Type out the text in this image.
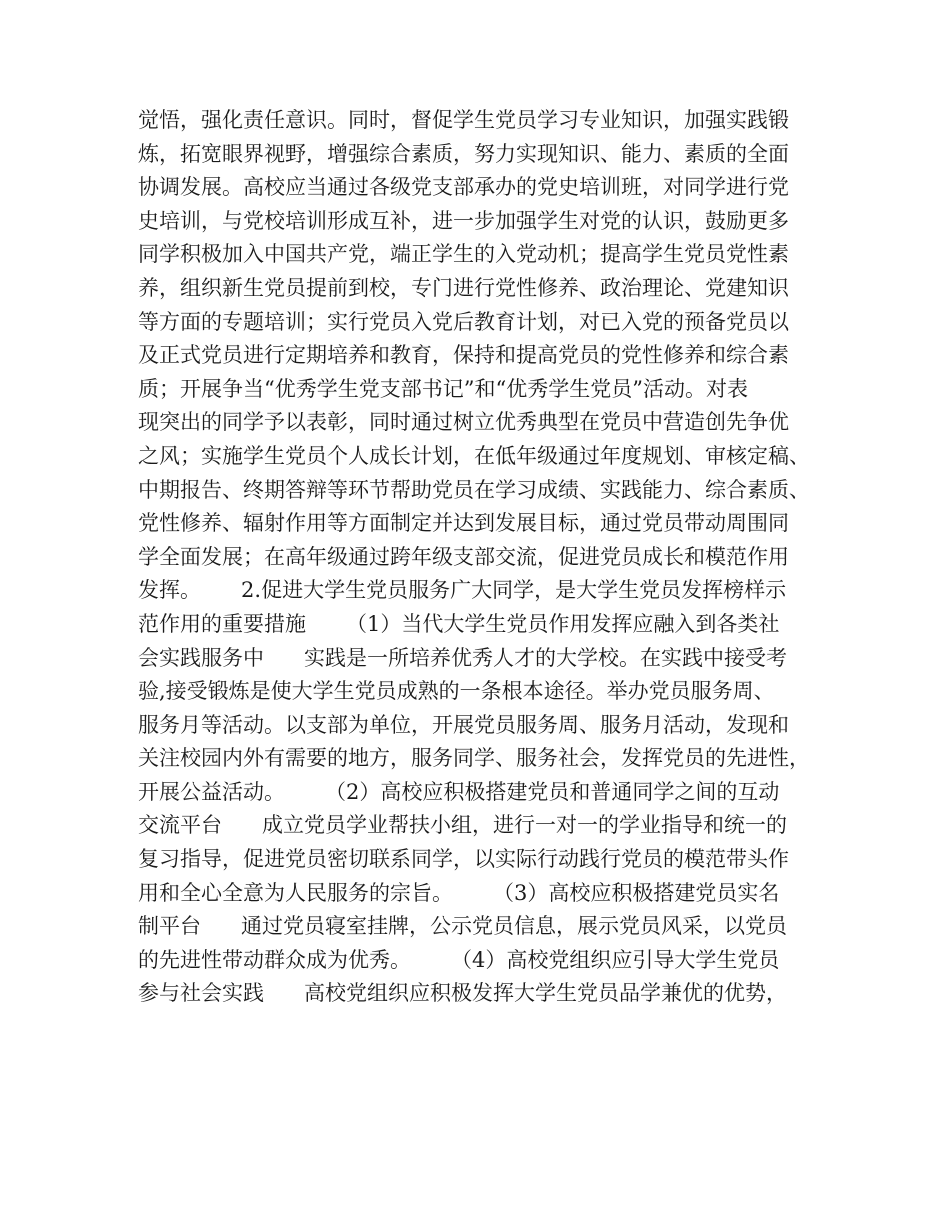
觉悟，强化责任意识。同时，督促学生党员学习专业知识，加强实践锻
炼，拓宽眼界视野，增强综合素质，努力实现知识、能力、素质的全面
协调发展。高校应当通过各级党支部承办的党史培训班，对同学进行党
史培训，与党校培训形成互补，进一步加强学生对党的认识，鼓励更多
同学积极加入中国共产党，端正学生的入党动机；提高学生党员党性素
养，组织新生党员提前到校，专门进行党性修养、政治理论、党建知识
等方面的专题培训；实行党员入党后教育计划，对已入党的预备党员以
及正式党员进行定期培养和教育，保持和提高党员的党性修养和综合素
质；开展争当“优秀学生党支部书记”和“优秀学生党员”活动。对表
现突出的同学予以表彰，同时通过树立优秀典型在党员中营造创先争优
之风；实施学生党员个人成长计划，在低年级通过年度规划、审核定稿、
中期报告、终期答辩等环节帮助党员在学习成绩、实践能力、综合素质、
党性修养、辐射作用等方面制定并达到发展目标，通过党员带动周围同
学全面发展；在高年级通过跨年级支部交流，促进党员成长和模范作用
发挥。      2.促进大学生党员服务广大同学，是大学生党员发挥榜样示
范作用的重要措施      （1）当代大学生党员作用发挥应融入到各类社
会实践服务中      实践是一所培养优秀人才的大学校。在实践中接受考
验,接受锻炼是使大学生党员成熟的一条根本途径。举办党员服务周、
服务月等活动。以支部为单位，开展党员服务周、服务月活动，发现和
关注校园内外有需要的地方，服务同学、服务社会，发挥党员的先进性，
开展公益活动。      （2）高校应积极搭建党员和普通同学之间的互动
交流平台      成立党员学业帮扶小组，进行一对一的学业指导和统一的
复习指导，促进党员密切联系同学，以实际行动践行党员的模范带头作
用和全心全意为人民服务的宗旨。      （3）高校应积极搭建党员实名
制平台      通过党员寝室挂牌，公示党员信息，展示党员风采，以党员
的先进性带动群众成为优秀。      （4）高校党组织应引导大学生党员
参与社会实践      高校党组织应积极发挥大学生党员品学兼优的优势，
